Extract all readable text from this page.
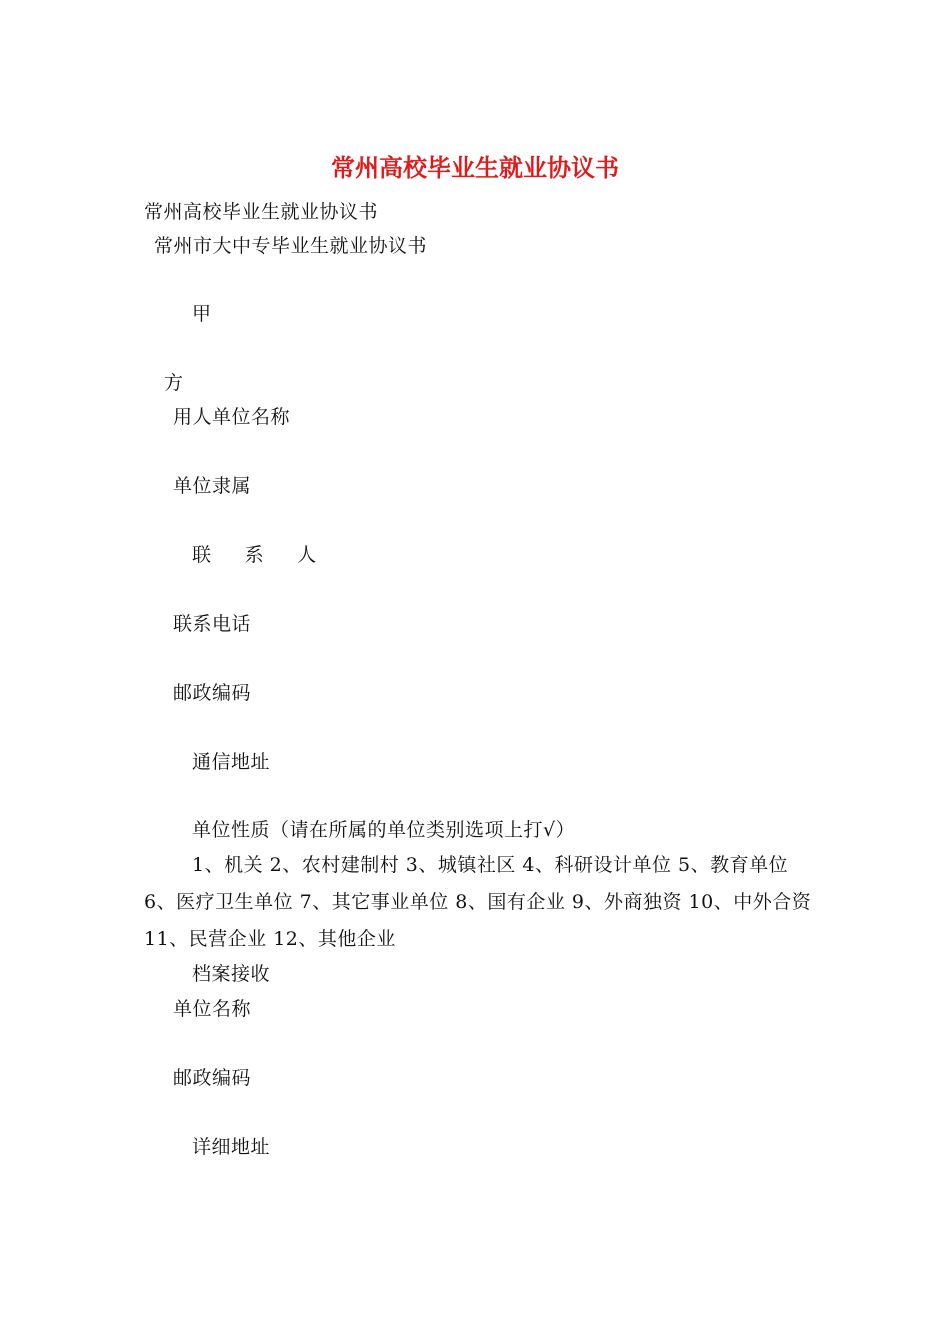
常州高校毕业生就业协议书
常州高校毕业生就业协议书
常州市大中专毕业生就业协议书
甲
方
用人单位名称
单位隶属
联  系  人
联系电话
邮政编码
通信地址
单位性质（请在所属的单位类别选项上打√）
1、机关 2、农村建制村 3、城镇社区 4、科研设计单位 5、教育单位
6、医疗卫生单位 7、其它事业单位 8、国有企业 9、外商独资 10、中外合资
11、民营企业 12、其他企业
档案接收
单位名称
邮政编码
详细地址
